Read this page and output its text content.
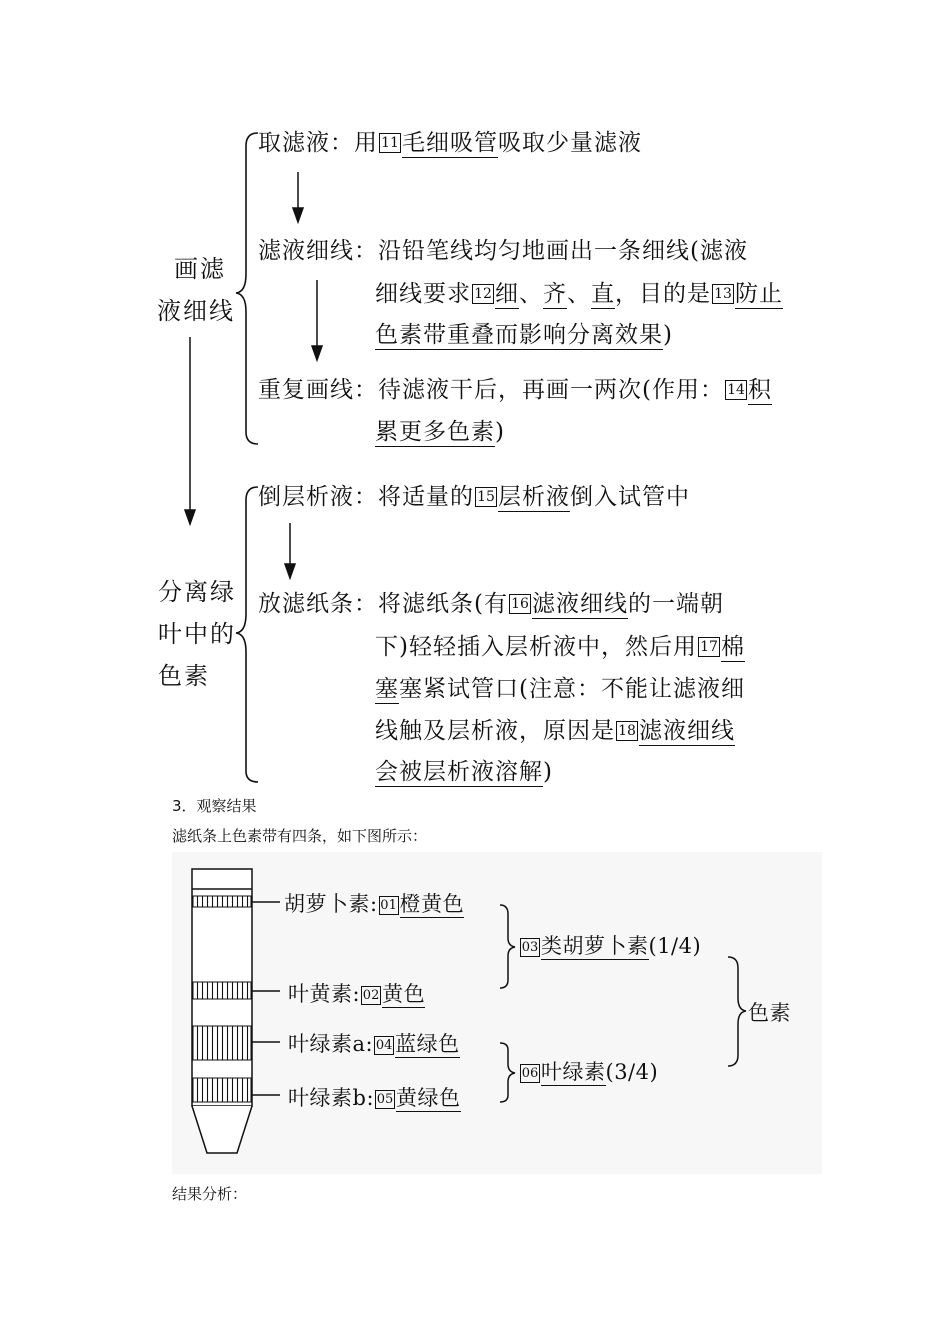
画滤
液细线
分离绿
叶中的
色素
取滤液：用 11 毛细吸管吸取少量滤液
滤液细线：沿铅笔线均匀地画出一条细线(滤液
细线要求 12 细、齐、直，目的是 13 防止
色素带重叠而影响分离效果)
重复画线：待滤液干后，再画一两次(作用： 14 积
累更多色素)
倒层析液：将适量的 15 层析液倒入试管中
放滤纸条：将滤纸条(有 16 滤液细线的一端朝
下)轻轻插入层析液中，然后用 17 棉
塞塞紧试管口(注意：不能让滤液细
线触及层析液，原因是 18 滤液细线
会被层析液溶解)
3．观察结果
滤纸条上色素带有四条，如下图所示：
胡萝卜素: 01 橙黄色
叶黄素: 02 黄色
叶绿素a: 04 蓝绿色
叶绿素b: 05 黄绿色
03 类胡萝卜素(1/4)
06 叶绿素(3/4)
色素
结果分析：
